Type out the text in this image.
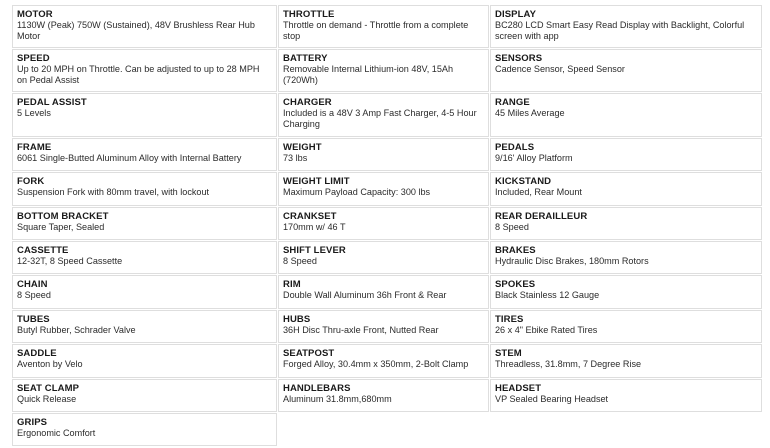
MOTOR
1130W (Peak) 750W (Sustained), 48V Brushless Rear Hub Motor
THROTTLE
Throttle on demand - Throttle from a complete stop
DISPLAY
BC280 LCD Smart Easy Read Display with Backlight, Colorful screen with app
SPEED
Up to 20 MPH on Throttle. Can be adjusted to up to 28 MPH on Pedal Assist
BATTERY
Removable Internal Lithium-ion 48V, 15Ah (720Wh)
SENSORS
Cadence Sensor, Speed Sensor
PEDAL ASSIST
5 Levels
CHARGER
Included is a 48V 3 Amp Fast Charger, 4-5 Hour Charging
RANGE
45 Miles Average
FRAME
6061 Single-Butted Aluminum Alloy with Internal Battery
WEIGHT
73 lbs
PEDALS
9/16' Alloy Platform
FORK
Suspension Fork with 80mm travel, with lockout
WEIGHT LIMIT
Maximum Payload Capacity: 300 lbs
KICKSTAND
Included, Rear Mount
BOTTOM BRACKET
Square Taper, Sealed
CRANKSET
170mm w/ 46 T
REAR DERAILLEUR
8 Speed
CASSETTE
12-32T, 8 Speed Cassette
SHIFT LEVER
8 Speed
BRAKES
Hydraulic Disc Brakes, 180mm Rotors
CHAIN
8 Speed
RIM
Double Wall Aluminum 36h Front & Rear
SPOKES
Black Stainless 12 Gauge
TUBES
Butyl Rubber, Schrader Valve
HUBS
36H Disc Thru-axle Front, Nutted Rear
TIRES
26 x 4" Ebike Rated Tires
SADDLE
Aventon by Velo
SEATPOST
Forged Alloy, 30.4mm x 350mm, 2-Bolt Clamp
STEM
Threadless, 31.8mm, 7 Degree Rise
SEAT CLAMP
Quick Release
HANDLEBARS
Aluminum 31.8mm,680mm
HEADSET
VP Sealed Bearing Headset
GRIPS
Ergonomic Comfort
